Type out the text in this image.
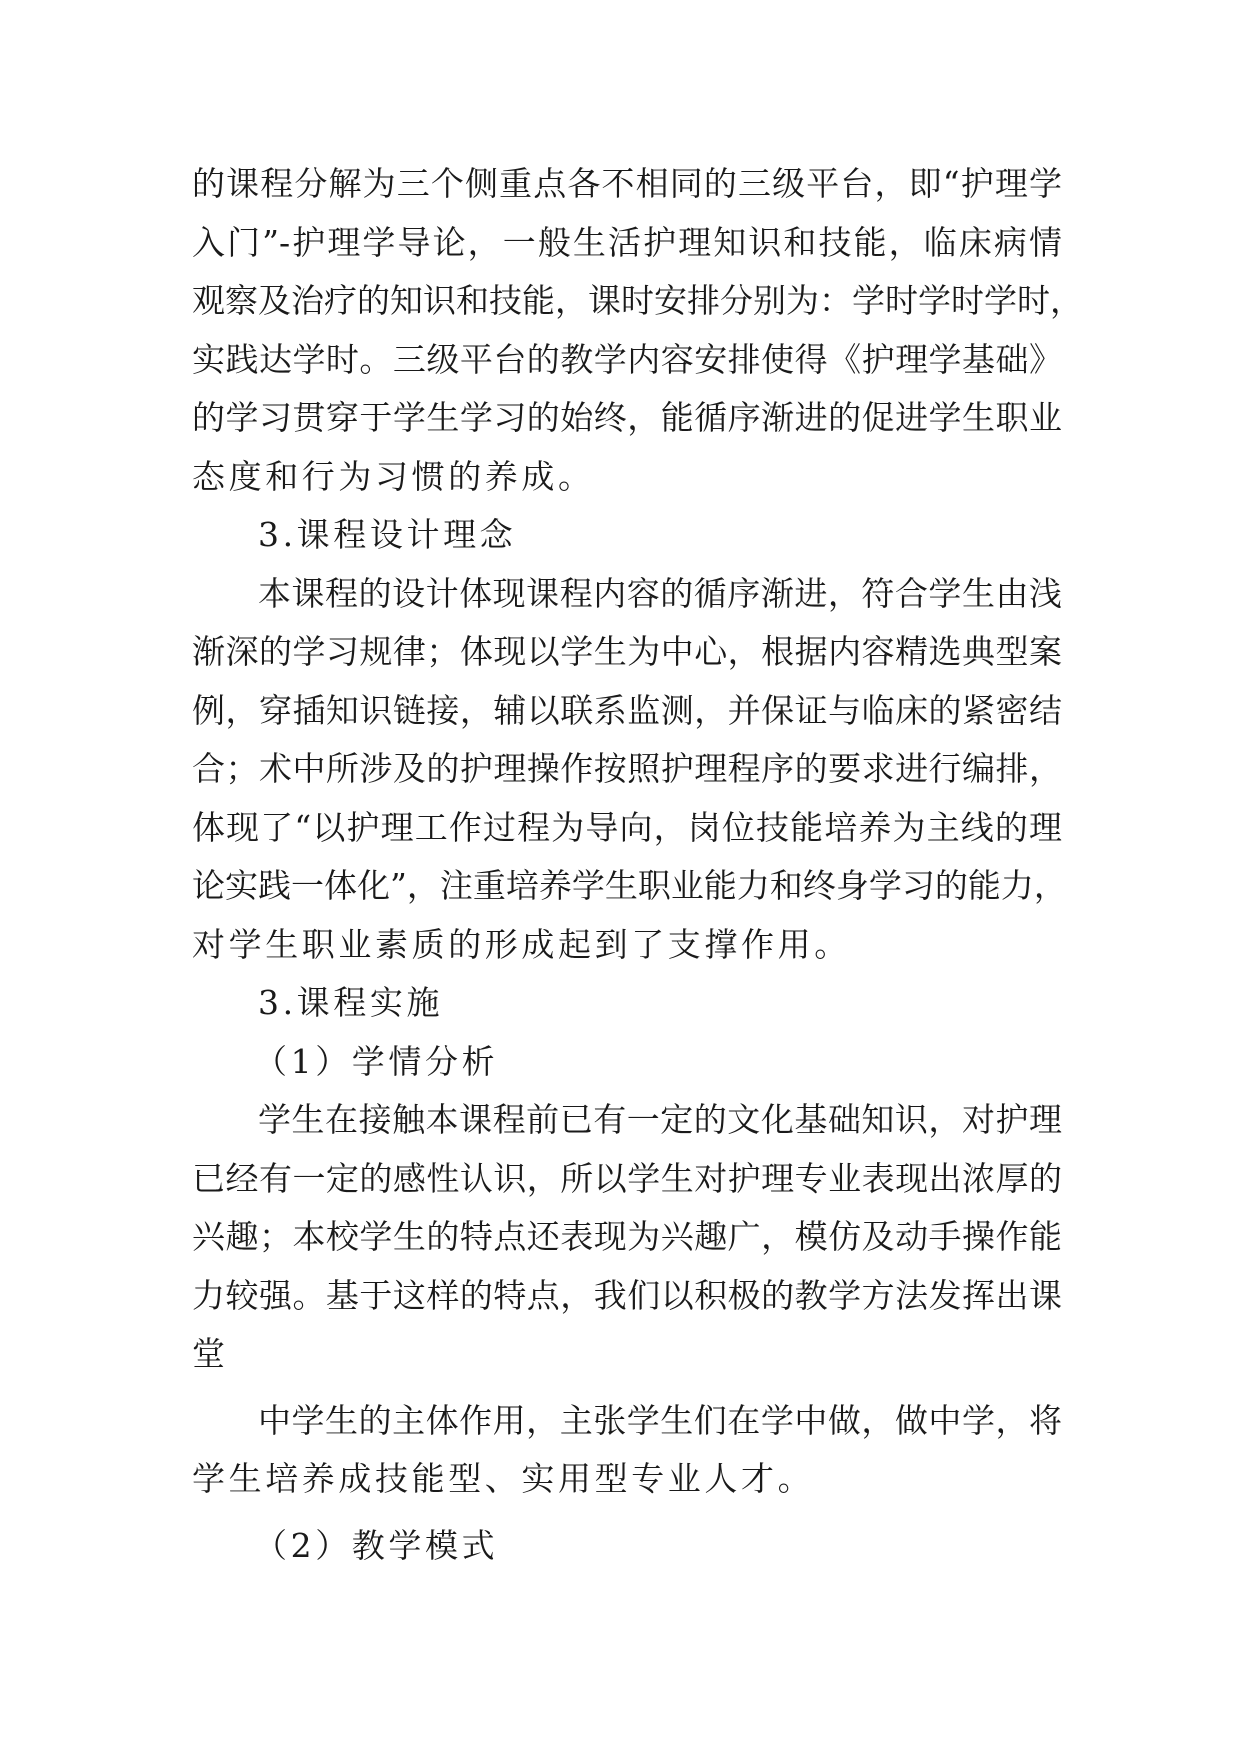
的课程分解为三个侧重点各不相同的三级平台，即“护理学
入门”-护理学导论，一般生活护理知识和技能，临床病情
观察及治疗的知识和技能，课时安排分别为：学时学时学时，
实践达学时。三级平台的教学内容安排使得《护理学基础》
的学习贯穿于学生学习的始终，能循序渐进的促进学生职业
态度和行为习惯的养成。
3.课程设计理念
本课程的设计体现课程内容的循序渐进，符合学生由浅
渐深的学习规律；体现以学生为中心，根据内容精选典型案
例，穿插知识链接，辅以联系监测，并保证与临床的紧密结
合；术中所涉及的护理操作按照护理程序的要求进行编排，
体现了“以护理工作过程为导向，岗位技能培养为主线的理
论实践一体化”，注重培养学生职业能力和终身学习的能力，
对学生职业素质的形成起到了支撑作用。
3.课程实施
（1）学情分析
学生在接触本课程前已有一定的文化基础知识，对护理
已经有一定的感性认识，所以学生对护理专业表现出浓厚的
兴趣；本校学生的特点还表现为兴趣广，模仿及动手操作能
力较强。基于这样的特点，我们以积极的教学方法发挥出课
堂
中学生的主体作用，主张学生们在学中做，做中学，将
学生培养成技能型、实用型专业人才。
（2）教学模式
